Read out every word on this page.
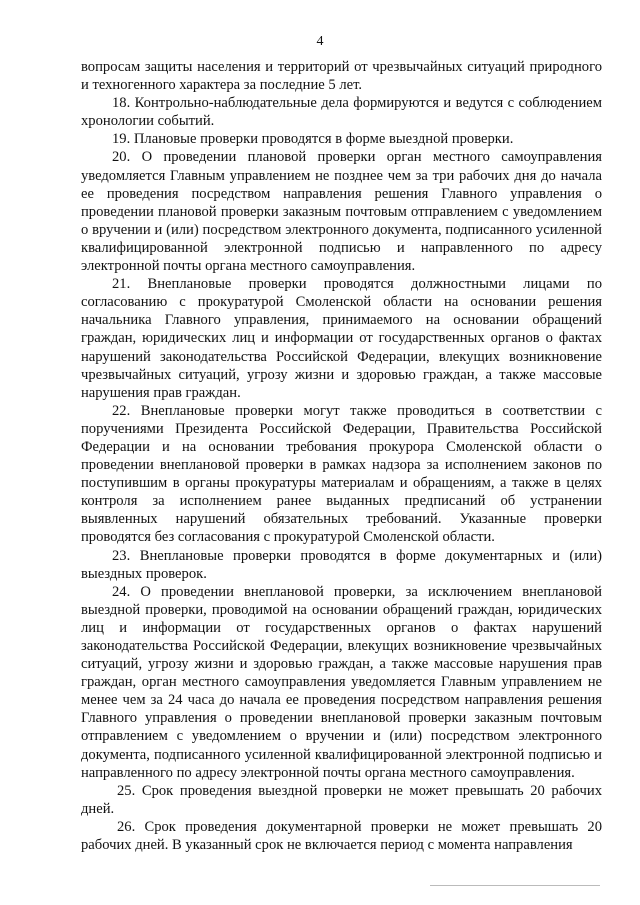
4

вопросам защиты населения и территорий от чрезвычайных ситуаций природного и техногенного характера за последние 5 лет.

18. Контрольно-наблюдательные дела формируются и ведутся с соблюдением хронологии событий.

19. Плановые проверки проводятся в форме выездной проверки.

20. О проведении плановой проверки орган местного самоуправления уведомляется Главным управлением не позднее чем за три рабочих дня до начала ее проведения посредством направления решения Главного управления о проведении плановой проверки заказным почтовым отправлением с уведомлением о вручении и (или) посредством электронного документа, подписанного усиленной квалифицированной электронной подписью и направленного по адресу электронной почты органа местного самоуправления.

21. Внеплановые проверки проводятся должностными лицами по согласованию с прокуратурой Смоленской области на основании решения начальника Главного управления, принимаемого на основании обращений граждан, юридических лиц и информации от государственных органов о фактах нарушений законодательства Российской Федерации, влекущих возникновение чрезвычайных ситуаций, угрозу жизни и здоровью граждан, а также массовые нарушения прав граждан.

22. Внеплановые проверки могут также проводиться в соответствии с поручениями Президента Российской Федерации, Правительства Российской Федерации и на основании требования прокурора Смоленской области о проведении внеплановой проверки в рамках надзора за исполнением законов по поступившим в органы прокуратуры материалам и обращениям, а также в целях контроля за исполнением ранее выданных предписаний об устранении выявленных нарушений обязательных требований. Указанные проверки проводятся без согласования с прокуратурой Смоленской области.

23. Внеплановые проверки проводятся в форме документарных и (или) выездных проверок.

24. О проведении внеплановой проверки, за исключением внеплановой выездной проверки, проводимой на основании обращений граждан, юридических лиц и информации от государственных органов о фактах нарушений законодательства Российской Федерации, влекущих возникновение чрезвычайных ситуаций, угрозу жизни и здоровью граждан, а также массовые нарушения прав граждан, орган местного самоуправления уведомляется Главным управлением не менее чем за 24 часа до начала ее проведения посредством направления решения Главного управления о проведении внеплановой проверки заказным почтовым отправлением с уведомлением о вручении и (или) посредством электронного документа, подписанного усиленной квалифицированной электронной подписью и направленного по адресу электронной почты органа местного самоуправления.

25. Срок проведения выездной проверки не может превышать 20 рабочих дней.

26. Срок проведения документарной проверки не может превышать 20 рабочих дней. В указанный срок не включается период с момента направления
